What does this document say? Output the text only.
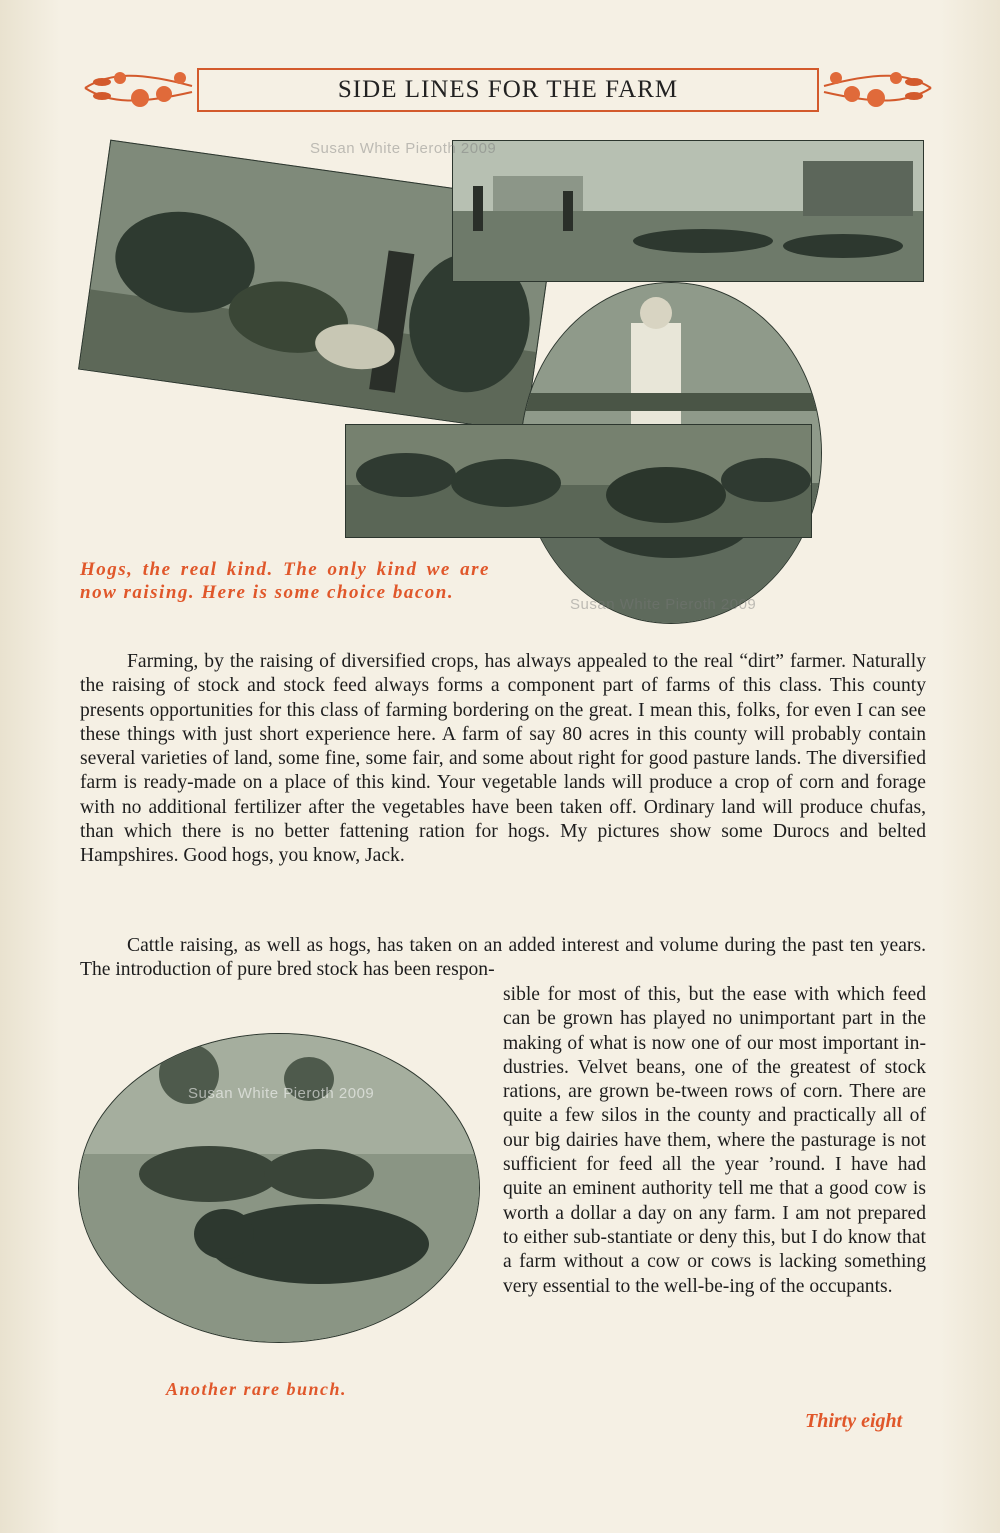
SIDE LINES FOR THE FARM
Susan White Pieroth 2009
Hogs, the real kind. The only kind we are now raising. Here is some choice bacon.
Susan White Pieroth 2009

Farming, by the raising of diversified crops, has always appealed to the real “dirt” farmer. Naturally the raising of stock and stock feed always forms a component part of farms of this class. This county presents opportunities for this class of farming bordering on the great. I mean this, folks, for even I can see these things with just short experience here. A farm of say 80 acres in this county will probably contain several varieties of land, some fine, some fair, and some about right for good pasture lands. The diversified farm is ready-made on a place of this kind. Your vegetable lands will produce a crop of corn and forage with no additional fertilizer after the vegetables have been taken off. Ordinary land will produce chufas, than which there is no better fattening ration for hogs. My pictures show some Durocs and belted Hampshires. Good hogs, you know, Jack.

Cattle raising, as well as hogs, has taken on an added interest and volume during the past ten years. The introduction of pure bred stock has been respon-

sible for most of this, but the ease with which feed can be grown has played no unimportant part in the making of what is now one of our most important in-dustries. Velvet beans, one of the greatest of stock rations, are grown be-tween rows of corn. There are quite a few silos in the county and practically all of our big dairies have them, where the pasturage is not sufficient for feed all the year ’round. I have had quite an eminent authority tell me that a good cow is worth a dollar a day on any farm. I am not prepared to either sub-stantiate or deny this, but I do know that a farm without a cow or cows is lacking something very essential to the well-be-ing of the occupants.

Susan White Pieroth 2009
Another rare bunch.
Thirty eight
